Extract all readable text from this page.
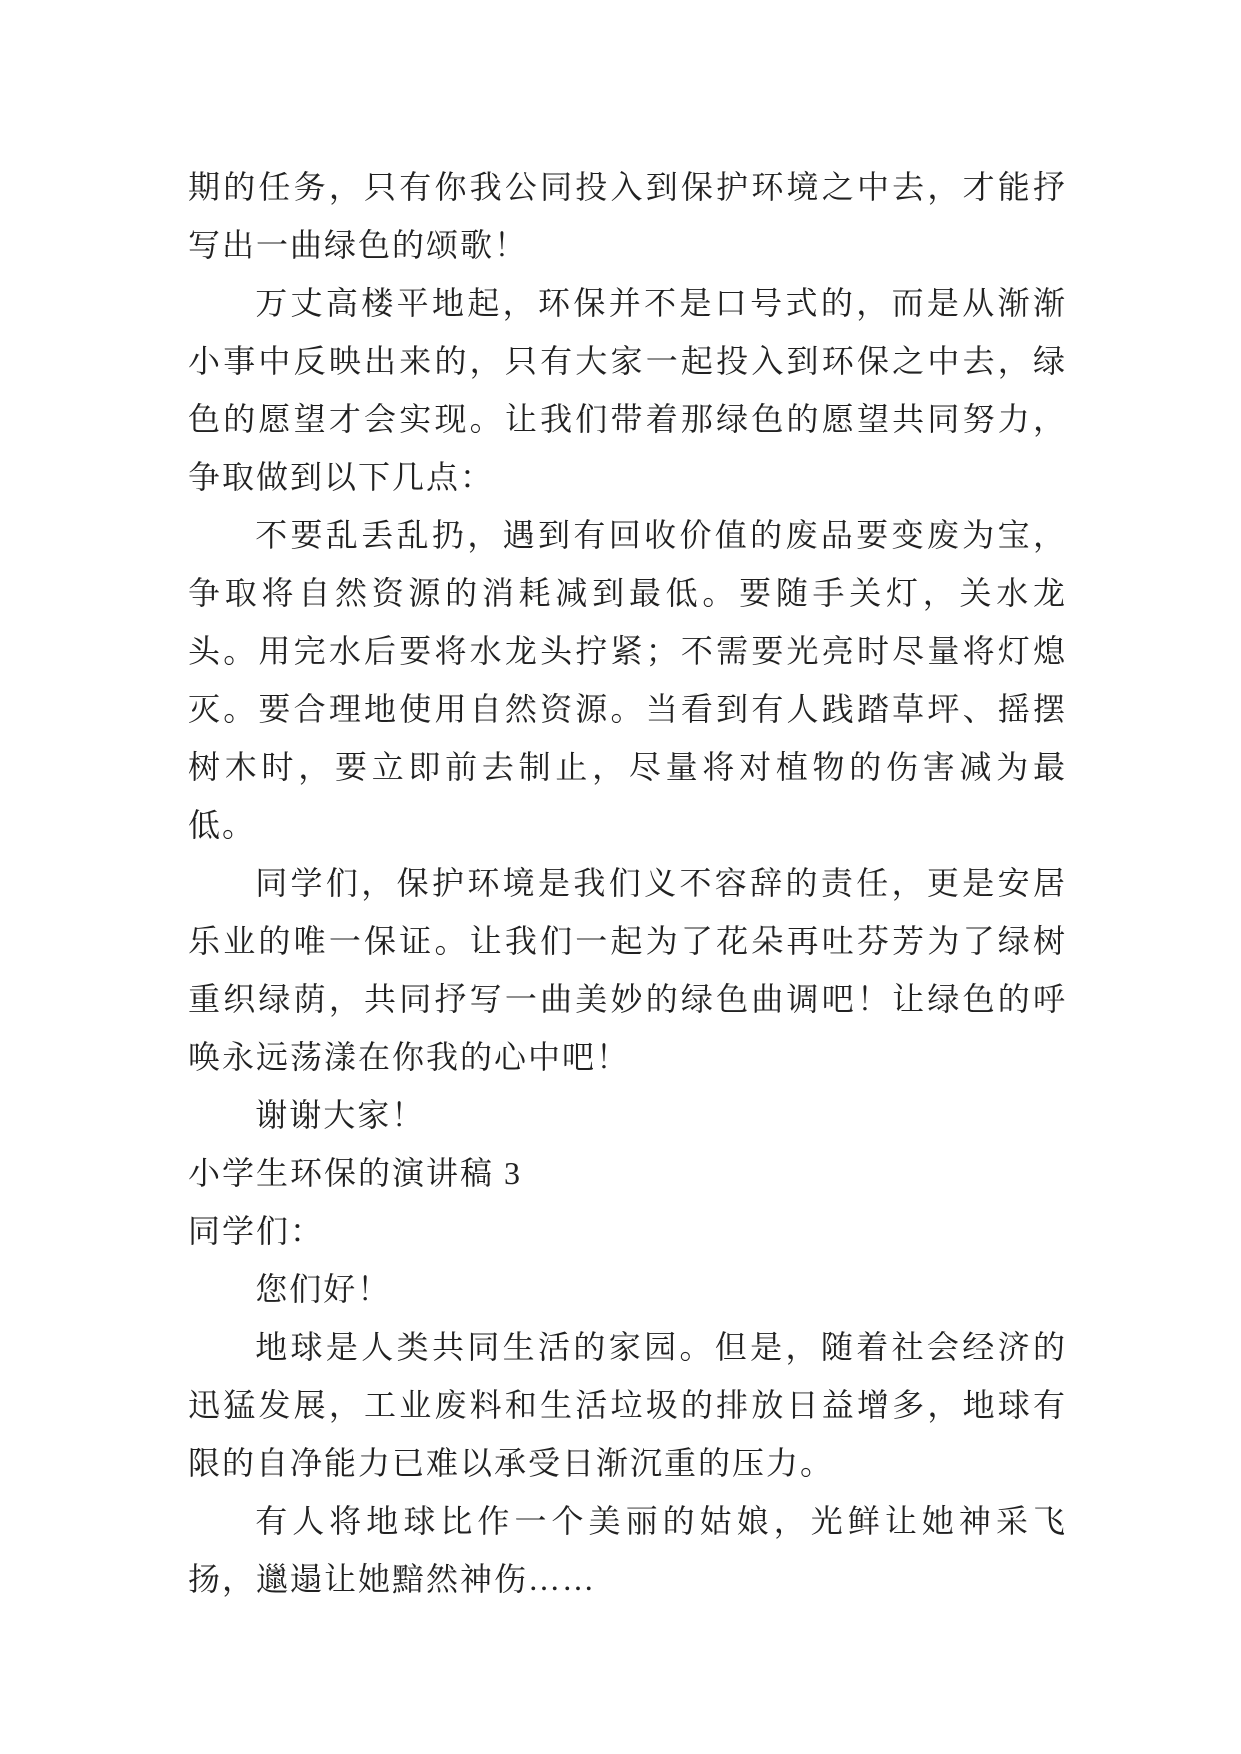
期的任务，只有你我公同投入到保护环境之中去，才能抒写出一曲绿色的颂歌！

万丈高楼平地起，环保并不是口号式的，而是从渐渐小事中反映出来的，只有大家一起投入到环保之中去，绿色的愿望才会实现。让我们带着那绿色的愿望共同努力，争取做到以下几点：

不要乱丢乱扔，遇到有回收价值的废品要变废为宝，争取将自然资源的消耗减到最低。要随手关灯，关水龙头。用完水后要将水龙头拧紧；不需要光亮时尽量将灯熄灭。要合理地使用自然资源。当看到有人践踏草坪、摇摆树木时，要立即前去制止，尽量将对植物的伤害减为最低。

同学们，保护环境是我们义不容辞的责任，更是安居乐业的唯一保证。让我们一起为了花朵再吐芬芳为了绿树重织绿荫，共同抒写一曲美妙的绿色曲调吧！让绿色的呼唤永远荡漾在你我的心中吧！

谢谢大家！

小学生环保的演讲稿 3

同学们：

您们好！

地球是人类共同生活的家园。但是，随着社会经济的迅猛发展，工业废料和生活垃圾的排放日益增多，地球有限的自净能力已难以承受日渐沉重的压力。

有人将地球比作一个美丽的姑娘，光鲜让她神采飞扬，邋遢让她黯然神伤……
